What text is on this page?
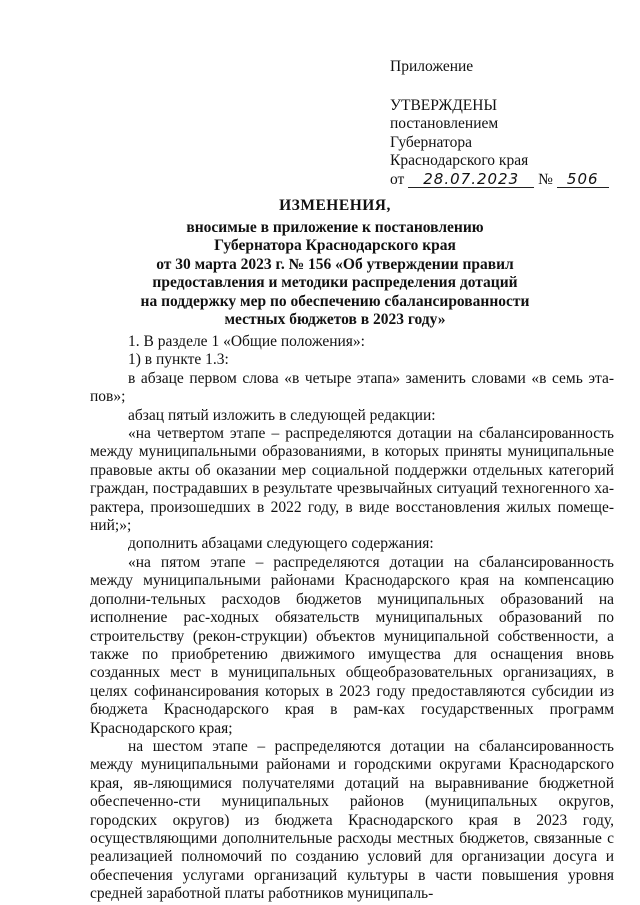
Приложение
УТВЕРЖДЕНЫ
постановлением
Губернатора
Краснодарского края
от 28.07.2023 № 506
ИЗМЕНЕНИЯ,
вносимые в приложение к постановлению
Губернатора Краснодарского края
от 30 марта 2023 г. № 156 «Об утверждении правил
предоставления и методики распределения дотаций
на поддержку мер по обеспечению сбалансированности
местных бюджетов в 2023 году»

1. В разделе 1 «Общие положения»:

1) в пункте 1.3:

в абзаце первом слова «в четыре этапа» заменить словами «в семь эта-пов»;

абзац пятый изложить в следующей редакции:

«на четвертом этапе – распределяются дотации на сбалансированность между муниципальными образованиями, в которых приняты муниципальные правовые акты об оказании мер социальной поддержки отдельных категорий граждан, пострадавших в результате чрезвычайных ситуаций техногенного ха-рактера, произошедших в 2022 году, в виде восстановления жилых помеще-ний;»;

дополнить абзацами следующего содержания:

«на пятом этапе – распределяются дотации на сбалансированность между муниципальными районами Краснодарского края на компенсацию дополни-тельных расходов бюджетов муниципальных образований на исполнение рас-ходных обязательств муниципальных образований по строительству (рекон-струкции) объектов муниципальной собственности, а также по приобретению движимого имущества для оснащения вновь созданных мест в муниципальных общеобразовательных организациях, в целях софинансирования которых в 2023 году предоставляются субсидии из бюджета Краснодарского края в рам-ках государственных программ Краснодарского края;

на шестом этапе – распределяются дотации на сбалансированность между муниципальными районами и городскими округами Краснодарского края, яв-ляющимися получателями дотаций на выравнивание бюджетной обеспеченно-сти муниципальных районов (муниципальных округов, городских округов) из бюджета Краснодарского края в 2023 году, осуществляющими дополнительные расходы местных бюджетов, связанные с реализацией полномочий по созданию условий для организации досуга и обеспечения услугами организаций культуры в части повышения уровня средней заработной платы работников муниципаль-
